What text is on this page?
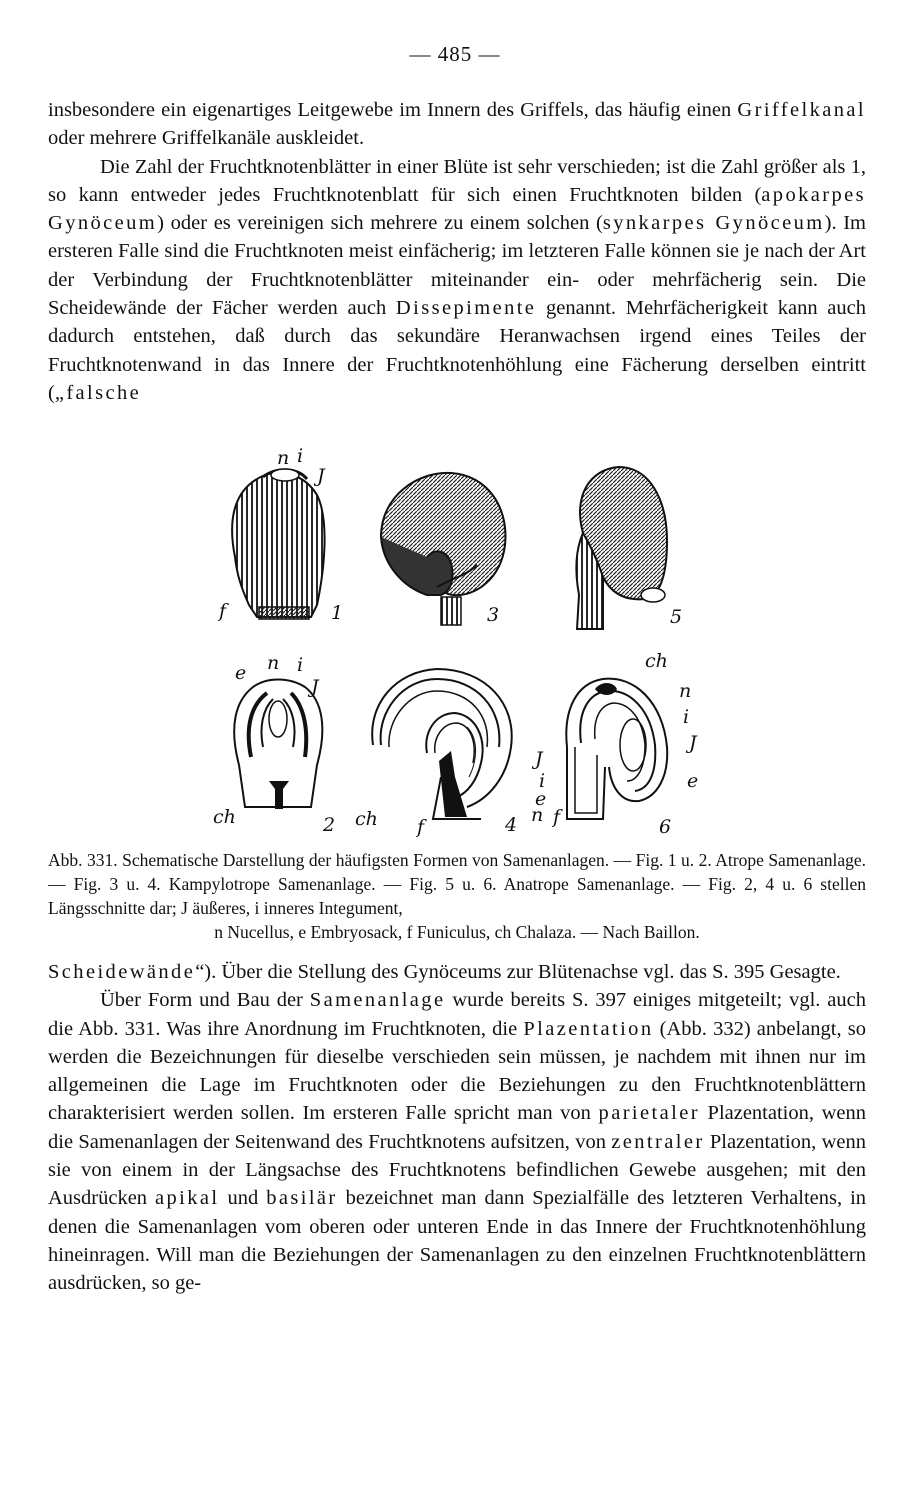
— 485 —

insbesondere ein eigenartiges Leitgewebe im Innern des Griffels, das häufig einen Griffelkanal oder mehrere Griffelkanäle auskleidet.

Die Zahl der Fruchtknotenblätter in einer Blüte ist sehr verschieden; ist die Zahl größer als 1, so kann entweder jedes Fruchtknotenblatt für sich einen Fruchtknoten bilden (apokarpes Gynöceum) oder es vereinigen sich mehrere zu einem solchen (synkarpes Gynöceum). Im ersteren Falle sind die Fruchtknoten meist einfächerig; im letzteren Falle können sie je nach der Art der Verbindung der Fruchtknotenblätter miteinander ein- oder mehrfächerig sein. Die Scheidewände der Fächer werden auch Dissepimente genannt. Mehrfächerigkeit kann auch dadurch entstehen, daß durch das sekundäre Heranwachsen irgend eines Teiles der Fruchtknotenwand in das Innere der Fruchtknotenhöhlung eine Fächerung derselben eintritt („falsche

n i
J
f	1	3	5
e n i
J
ch	2 ch f
J
i
e
n
4
ch
n
i
J
e
f	6
Abb. 331. Schematische Darstellung der häufigsten Formen von Samenanlagen. — Fig. 1 u. 2. Atrope Samenanlage. — Fig. 3 u. 4. Kampylotrope Samenanlage. — Fig. 5 u. 6. Anatrope Samenanlage. — Fig. 2, 4 u. 6 stellen Längsschnitte dar; J äußeres, i inneres Integument,
n Nucellus, e Embryosack, f Funiculus, ch Chalaza. — Nach Baillon.

Scheidewände“). Über die Stellung des Gynöceums zur Blütenachse vgl. das S. 395 Gesagte.

Über Form und Bau der Samenanlage wurde bereits S. 397 einiges mitgeteilt; vgl. auch die Abb. 331. Was ihre Anordnung im Fruchtknoten, die Plazentation (Abb. 332) anbelangt, so werden die Bezeichnungen für dieselbe verschieden sein müssen, je nachdem mit ihnen nur im allgemeinen die Lage im Fruchtknoten oder die Beziehungen zu den Fruchtknotenblättern charakterisiert werden sollen. Im ersteren Falle spricht man von parietaler Plazentation, wenn die Samenanlagen der Seitenwand des Fruchtknotens aufsitzen, von zentraler Plazentation, wenn sie von einem in der Längsachse des Fruchtknotens befindlichen Gewebe ausgehen; mit den Ausdrücken apikal und basilär bezeichnet man dann Spezialfälle des letzteren Verhaltens, in denen die Samenanlagen vom oberen oder unteren Ende in das Innere der Fruchtknotenhöhlung hineinragen. Will man die Beziehungen der Samenanlagen zu den einzelnen Fruchtknotenblättern ausdrücken, so ge-
